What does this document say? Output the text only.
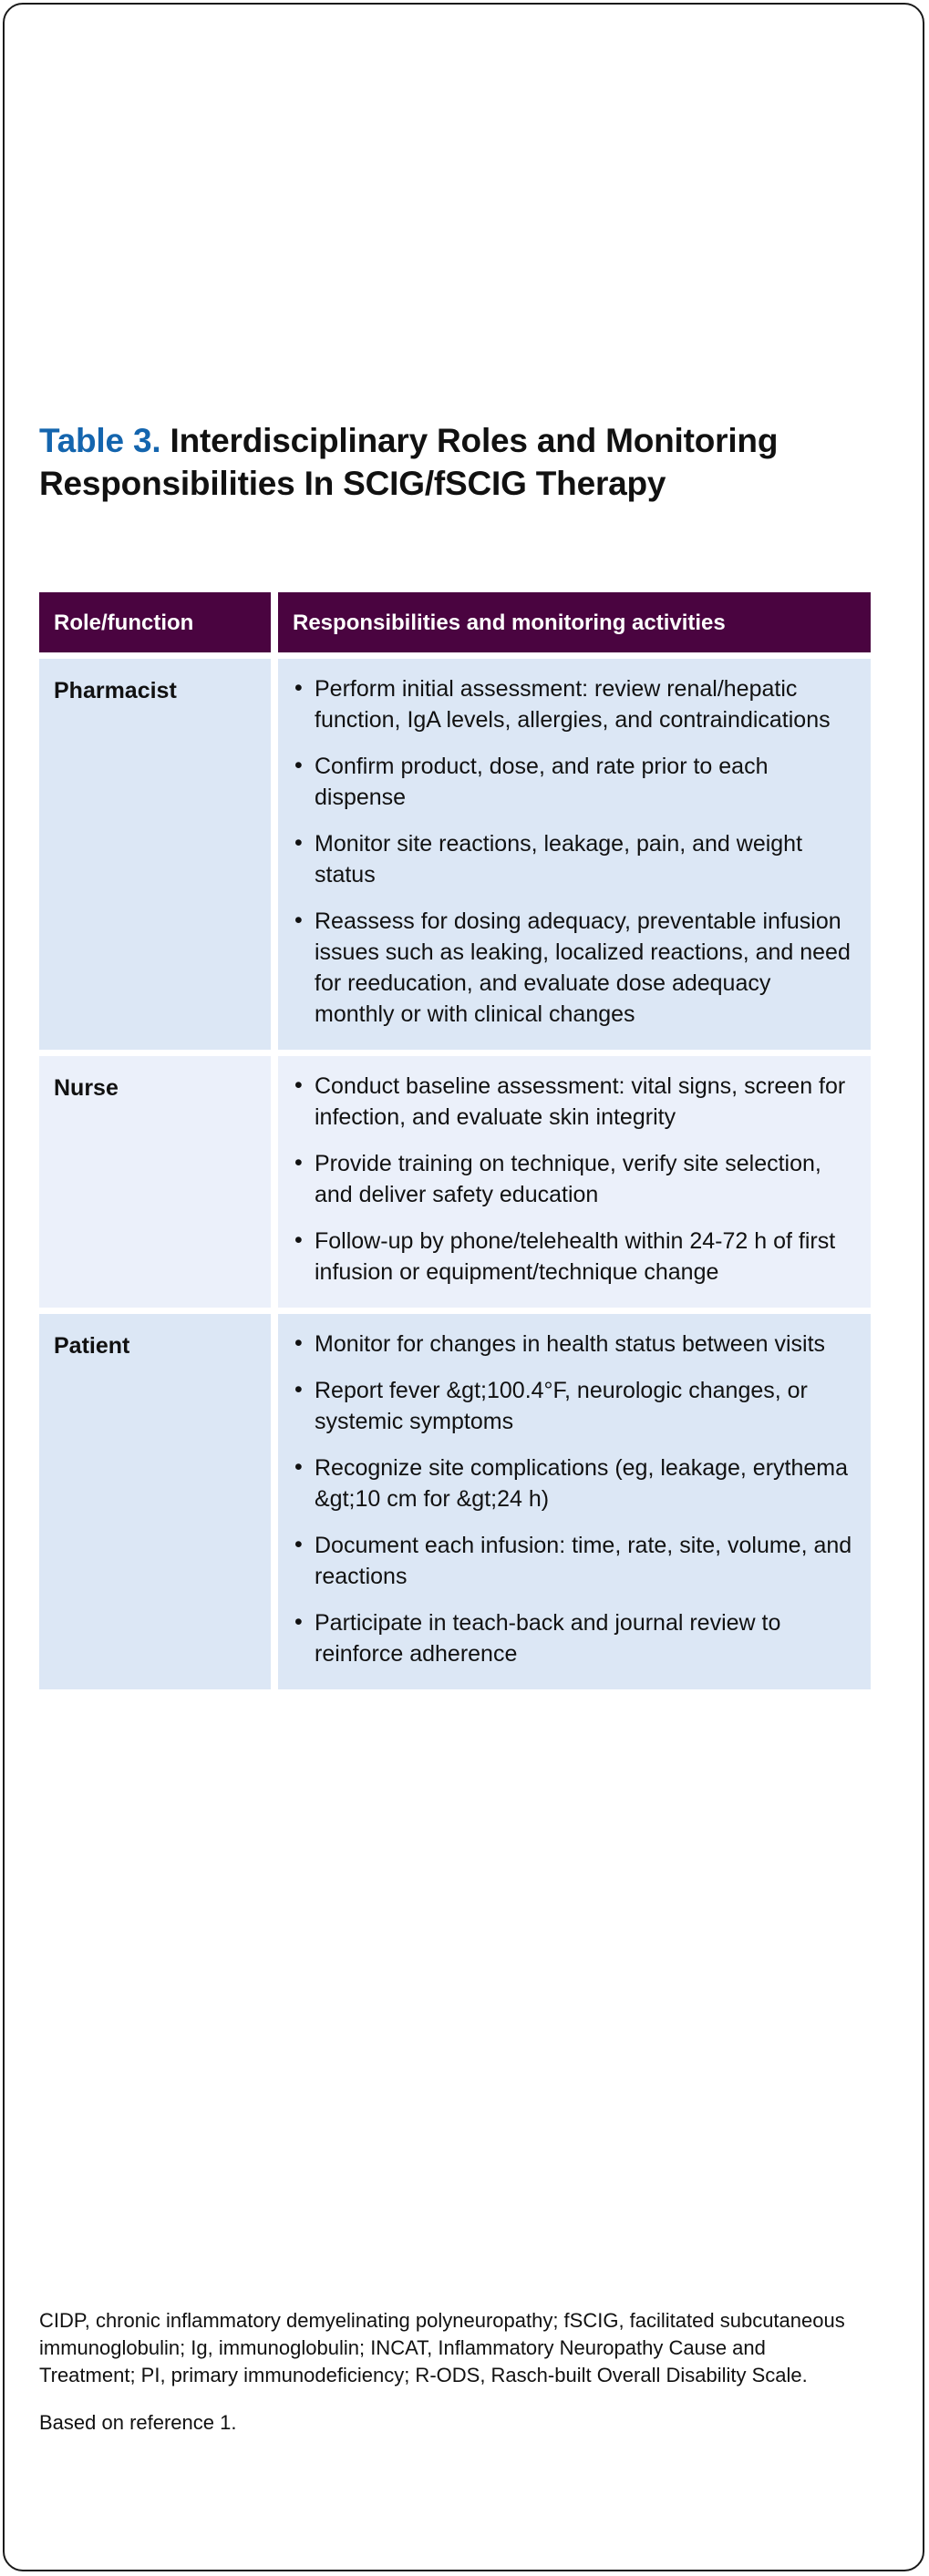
Table 3. Interdisciplinary Roles and Monitoring Responsibilities In SCIG/fSCIG Therapy
Role/function	Responsibilities and monitoring activities
Pharmacist	
•Perform initial assessment: review renal/hepatic function, IgA levels, allergies, and contraindications
• Confirm product, dose, and rate prior to each dispense
• Monitor site reactions, leakage, pain, and weight status
• Reassess for dosing adequacy, preventable infusion issues such as leaking, localized reactions, and need for reeducation, and evaluate dose adequacy monthly or with clinical changes

Nurse	
•Conduct baseline assessment: vital signs, screen for infection, and evaluate skin integrity
• Provide training on technique, verify site selection, and deliver safety education
• Follow-up by phone/telehealth within 24-72 h of first infusion or equipment/technique change

Patient	
•Monitor for changes in health status between visits
• Report fever &gt;100.4°F, neurologic changes, or systemic symptoms
• Recognize site complications (eg, leakage, erythema &gt;10 cm for &gt;24 h)
• Document each infusion: time, rate, site, volume, and reactions
• Participate in teach-back and journal review to reinforce adherence

CIDP, chronic inflammatory demyelinating polyneuropathy; fSCIG, facilitated subcutaneous immunoglobulin; Ig, immunoglobulin; INCAT, Inflammatory Neuropathy Cause and Treatment; PI, primary immunodeficiency; R-ODS, Rasch-built Overall Disability Scale.

Based on reference 1.
